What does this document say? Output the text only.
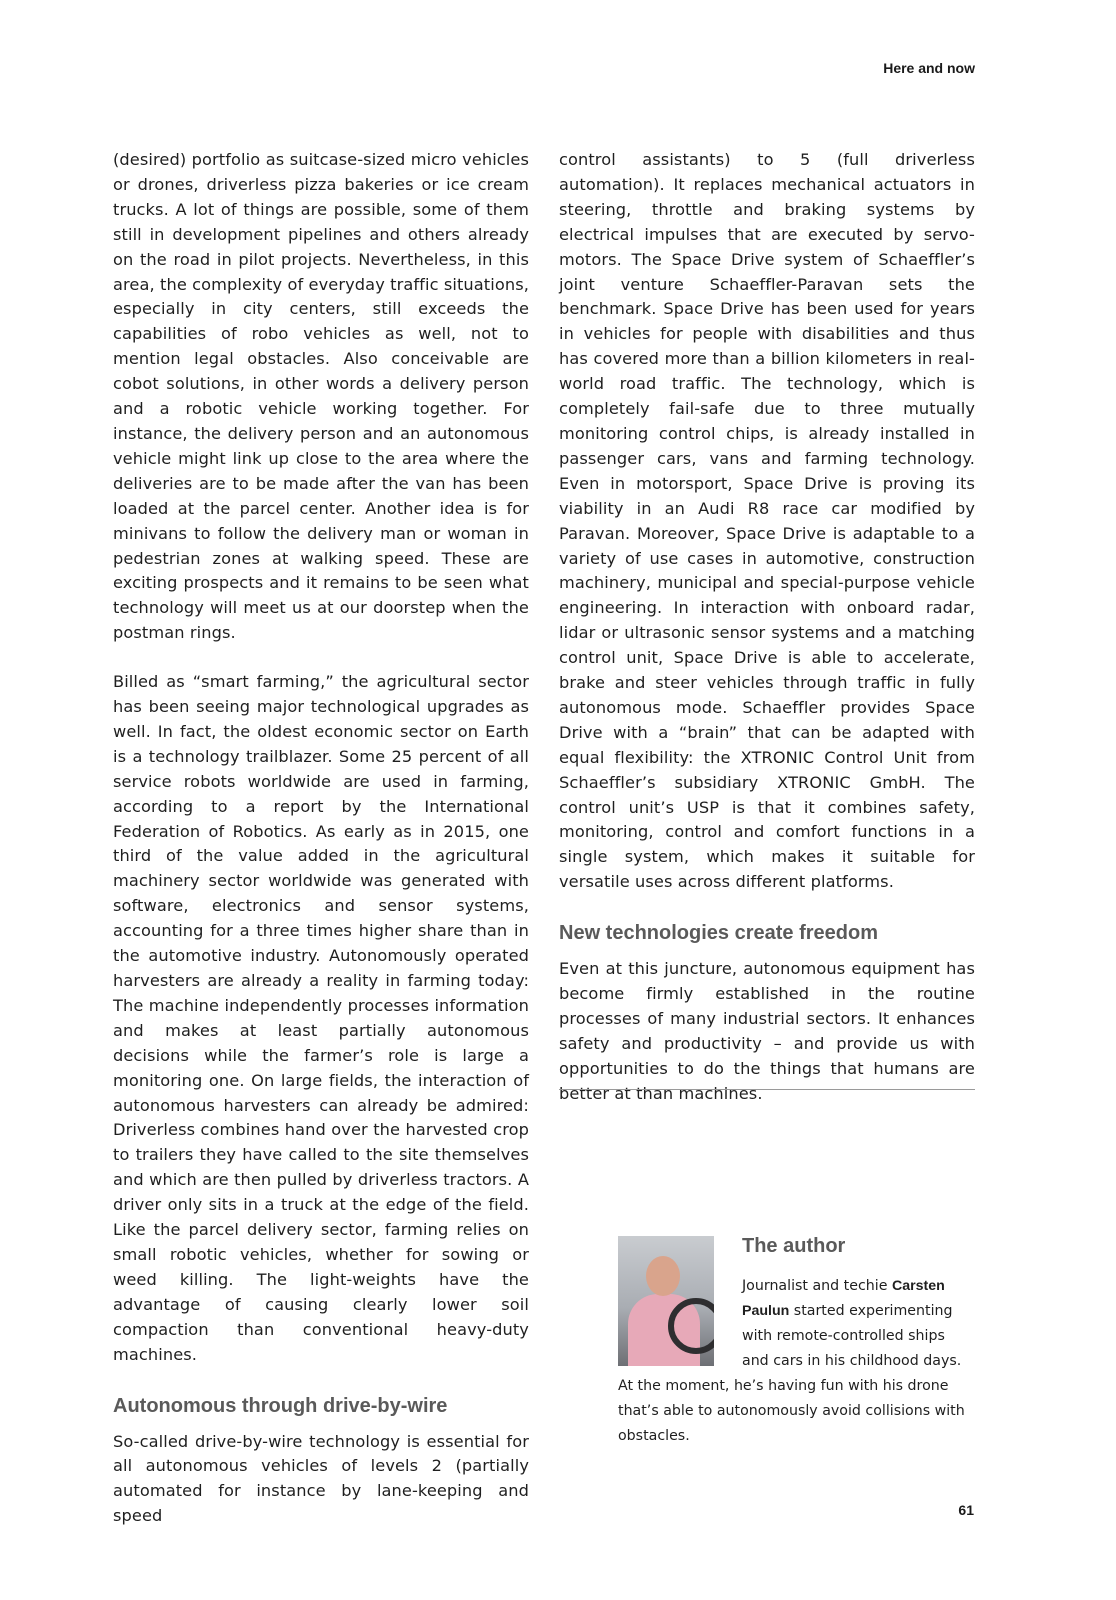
Here and now

(desired) portfolio as suitcase-sized micro vehicles or drones, driverless pizza bakeries or ice cream trucks. A lot of things are possible, some of them still in development pipelines and others already on the road in pilot projects. Nevertheless, in this area, the complexity of everyday traffic situations, especially in city centers, still exceeds the capabilities of robo vehicles as well, not to mention legal obstacles. Also conceivable are cobot solutions, in other words a delivery person and a robotic vehicle working together. For instance, the delivery person and an autonomous vehicle might link up close to the area where the deliveries are to be made after the van has been loaded at the parcel center. Another idea is for minivans to follow the delivery man or woman in pedestrian zones at walking speed. These are exciting prospects and it remains to be seen what technology will meet us at our doorstep when the postman rings.

Billed as “smart farming,” the agricultural sector has been seeing major technological upgrades as well. In fact, the oldest economic sector on Earth is a technology trailblazer. Some 25 percent of all service robots worldwide are used in farming, according to a report by the International Federation of Robotics. As early as in 2015, one third of the value added in the agricultural machinery sector worldwide was generated with software, electronics and sensor systems, accounting for a three times higher share than in the automotive industry. Autonomously operated harvesters are already a reality in farming today: The machine independently processes information and makes at least partially autonomous decisions while the farmer’s role is large a monitoring one. On large fields, the interaction of autonomous harvesters can already be admired: Driverless combines hand over the harvested crop to trailers they have called to the site themselves and which are then pulled by driverless tractors. A driver only sits in a truck at the edge of the field. Like the parcel delivery sector, farming relies on small robotic vehicles, whether for sowing or weed killing. The light-weights have the advantage of causing clearly lower soil compaction than conventional heavy-duty machines.

Autonomous through drive-by-wire

So-called drive-by-wire technology is essential for all autonomous vehicles of levels 2 (partially automated for instance by lane-keeping and speed

control assistants) to 5 (full driverless automation). It replaces mechanical actuators in steering, throttle and braking systems by electrical impulses that are executed by servo-motors. The Space Drive system of Schaeffler’s joint venture Schaeffler-Paravan sets the benchmark. Space Drive has been used for years in vehicles for people with disabilities and thus has covered more than a billion kilometers in real-world road traffic. The technology, which is completely fail-safe due to three mutually monitoring control chips, is already installed in passenger cars, vans and farming technology. Even in motorsport, Space Drive is proving its viability in an Audi R8 race car modified by Paravan. Moreover, Space Drive is adaptable to a variety of use cases in automotive, construction machinery, municipal and special-purpose vehicle engineering. In interaction with onboard radar, lidar or ultrasonic sensor systems and a matching control unit, Space Drive is able to accelerate, brake and steer vehicles through traffic in fully autonomous mode. Schaeffler provides Space Drive with a “brain” that can be adapted with equal flexibility: the XTRONIC Control Unit from Schaeffler’s subsidiary XTRONIC GmbH. The control unit’s USP is that it combines safety, monitoring, control and comfort functions in a single system, which makes it suitable for versatile uses across different platforms.

New technologies create freedom

Even at this juncture, autonomous equipment has become firmly established in the routine processes of many industrial sectors. It enhances safety and productivity – and provide us with opportunities to do the things that humans are better at than machines.

The author

Journalist and techie Carsten Paulun started experimenting with remote-controlled ships and cars in his childhood days. At the moment, he’s having fun with his drone that’s able to autonomously avoid collisions with obstacles.

61
